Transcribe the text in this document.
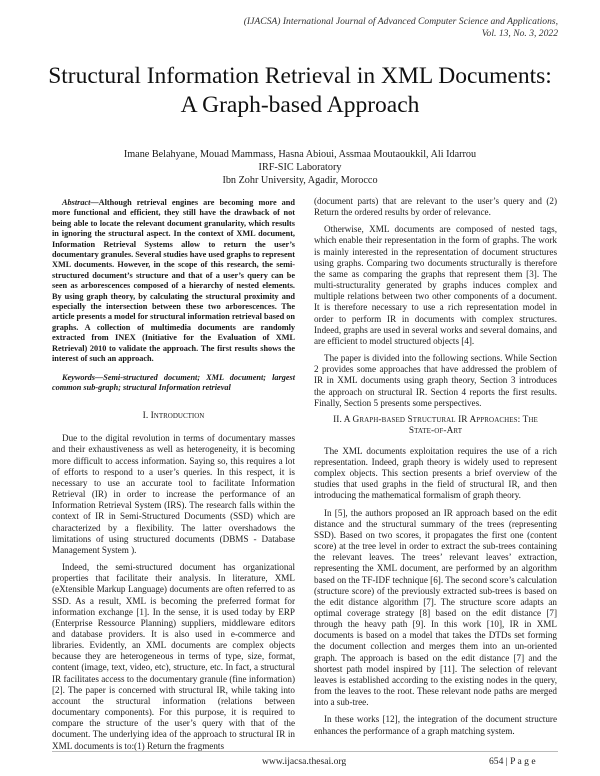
(IJACSA) International Journal of Advanced Computer Science and Applications,
Vol. 13, No. 3, 2022
Structural Information Retrieval in XML Documents:
A Graph-based Approach
Imane Belahyane, Mouad Mammass, Hasna Abioui, Assmaa Moutaoukkil, Ali Idarrou
IRF-SIC Laboratory
Ibn Zohr University, Agadir, Morocco

Abstract—Although retrieval engines are becoming more and more functional and efficient, they still have the drawback of not being able to locate the relevant document granularity, which results in ignoring the structural aspect. In the context of XML document, Information Retrieval Systems allow to return the user’s documentary granules. Several studies have used graphs to represent XML documents. However, in the scope of this research, the semi-structured document’s structure and that of a user’s query can be seen as arborescences composed of a hierarchy of nested elements. By using graph theory, by calculating the structural proximity and especially the intersection between these two arborescences. The article presents a model for structural information retrieval based on graphs. A collection of multimedia documents are randomly extracted from INEX (Initiative for the Evaluation of XML Retrieval) 2010 to validate the approach. The first results shows the interest of such an approach.

Keywords—Semi-structured document; XML document; largest common sub-graph; structural Information retrieval

I. Introduction

Due to the digital revolution in terms of documentary masses and their exhaustiveness as well as heterogeneity, it is becoming more difficult to access information. Saying so, this requires a lot of efforts to respond to a user’s queries. In this respect, it is necessary to use an accurate tool to facilitate Information Retrieval (IR) in order to increase the performance of an Information Retrieval System (IRS). The research falls within the context of IR in Semi-Structured Documents (SSD) which are characterized by a flexibility. The latter overshadows the limitations of using structured documents (DBMS - Database Management System ).

Indeed, the semi-structured document has organizational properties that facilitate their analysis. In literature, XML (eXtensible Markup Language) documents are often referred to as SSD. As a result, XML is becoming the preferred format for information exchange [1]. In the sense, it is used today by ERP (Enterprise Ressource Planning) suppliers, middleware editors and database providers. It is also used in e-commerce and libraries. Evidently, an XML documents are complex objects because they are heterogeneous in terms of type, size, format, content (image, text, video, etc), structure, etc. In fact, a structural IR facilitates access to the documentary granule (fine information) [2]. The paper is concerned with structural IR, while taking into account the structural information (relations between documentary components). For this purpose, it is required to compare the structure of the user’s query with that of the document. The underlying idea of the approach to structural IR in XML documents is to:(1) Return the fragments

(document parts) that are relevant to the user’s query and (2) Return the ordered results by order of relevance.

Otherwise, XML documents are composed of nested tags, which enable their representation in the form of graphs. The work is mainly interested in the representation of document structures using graphs. Comparing two documents structurally is therefore the same as comparing the graphs that represent them [3]. The multi-structurality generated by graphs induces complex and multiple relations between two other components of a document. It is therefore necessary to use a rich representation model in order to perform IR in documents with complex structures. Indeed, graphs are used in several works and several domains, and are efficient to model structured objects [4].

The paper is divided into the following sections. While Section 2 provides some approaches that have addressed the problem of IR in XML documents using graph theory, Section 3 introduces the approach on structural IR. Section 4 reports the first results. Finally, Section 5 presents some perspectives.

II. A Graph-based Structural IR Approaches: The
State-of-Art

The XML documents exploitation requires the use of a rich representation. Indeed, graph theory is widely used to represent complex objects. This section presents a brief overview of the studies that used graphs in the field of structural IR, and then introducing the mathematical formalism of graph theory.

In [5], the authors proposed an IR approach based on the edit distance and the structural summary of the trees (representing SSD). Based on two scores, it propagates the first one (content score) at the tree level in order to extract the sub-trees containing the relevant leaves. The trees’ relevant leaves’ extraction, representing the XML document, are performed by an algorithm based on the TF-IDF technique [6]. The second score’s calculation (structure score) of the previously extracted sub-trees is based on the edit distance algorithm [7]. The structure score adapts an optimal coverage strategy [8] based on the edit distance [7] through the heavy path [9]. In this work [10], IR in XML documents is based on a model that takes the DTDs set forming the document collection and merges them into an un-oriented graph. The approach is based on the edit distance [7] and the shortest path model inspired by [11]. The selection of relevant leaves is established according to the existing nodes in the query, from the leaves to the root. These relevant node paths are merged into a sub-tree.

In these works [12], the integration of the document structure enhances the performance of a graph matching system.

www.ijacsa.thesai.org	654 | P a g e
